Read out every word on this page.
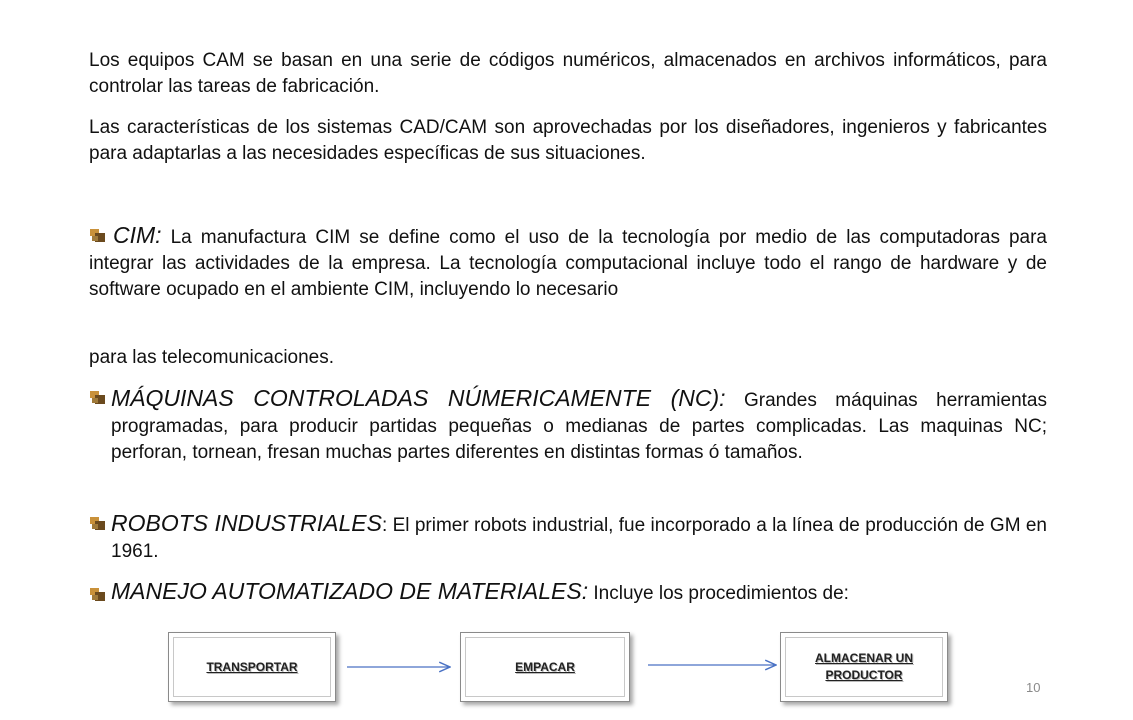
Los equipos CAM se basan en una serie de códigos numéricos, almacenados en archivos informáticos, para controlar las tareas de fabricación.
Las características de los sistemas CAD/CAM son aprovechadas por los diseñadores, ingenieros y fabricantes para adaptarlas a las necesidades específicas de sus situaciones.
CIM: La manufactura CIM se define como el uso de la tecnología por medio de las computadoras para integrar las actividades de la empresa. La tecnología computacional incluye todo el rango de hardware y de software ocupado en el ambiente CIM, incluyendo lo necesario
para las telecomunicaciones.
MÁQUINAS CONTROLADAS NÚMERICAMENTE (NC): Grandes máquinas herramientas programadas, para producir partidas pequeñas o medianas de partes complicadas. Las maquinas NC; perforan, tornean, fresan muchas partes diferentes en distintas formas ó tamaños.
ROBOTS INDUSTRIALES: El primer robots industrial, fue incorporado a la línea de producción de GM en 1961.
MANEJO AUTOMATIZADO DE MATERIALES: Incluye los procedimientos de:
TRANSPORTAR	EMPACAR
ALMACENAR UN PRODUCTOR
10
